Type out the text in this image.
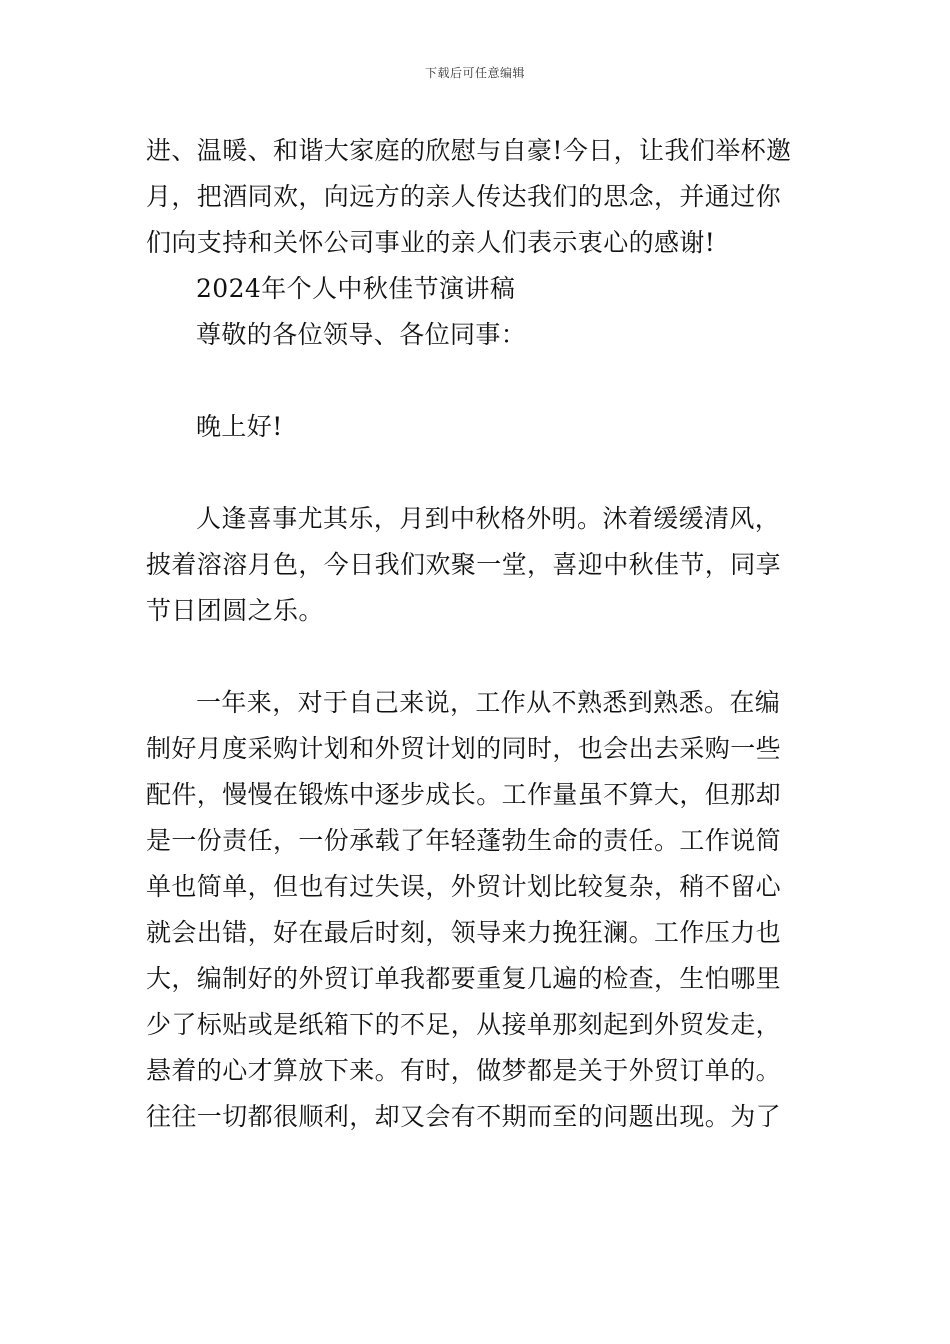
下载后可任意编辑
进、温暖、和谐大家庭的欣慰与自豪!今日，让我们举杯邀
月，把酒同欢，向远方的亲人传达我们的思念，并通过你
们向支持和关怀公司事业的亲人们表示衷心的感谢!
2024年个人中秋佳节演讲稿
尊敬的各位领导、各位同事：
晚上好!
人逢喜事尤其乐，月到中秋格外明。沐着缓缓清风，
披着溶溶月色，今日我们欢聚一堂，喜迎中秋佳节，同享
节日团圆之乐。
一年来，对于自己来说，工作从不熟悉到熟悉。在编
制好月度采购计划和外贸计划的同时，也会出去采购一些
配件，慢慢在锻炼中逐步成长。工作量虽不算大，但那却
是一份责任，一份承载了年轻蓬勃生命的责任。工作说简
单也简单，但也有过失误，外贸计划比较复杂，稍不留心
就会出错，好在最后时刻，领导来力挽狂澜。工作压力也
大，编制好的外贸订单我都要重复几遍的检查，生怕哪里
少了标贴或是纸箱下的不足，从接单那刻起到外贸发走，
悬着的心才算放下来。有时，做梦都是关于外贸订单的。
往往一切都很顺利，却又会有不期而至的问题出现。为了
